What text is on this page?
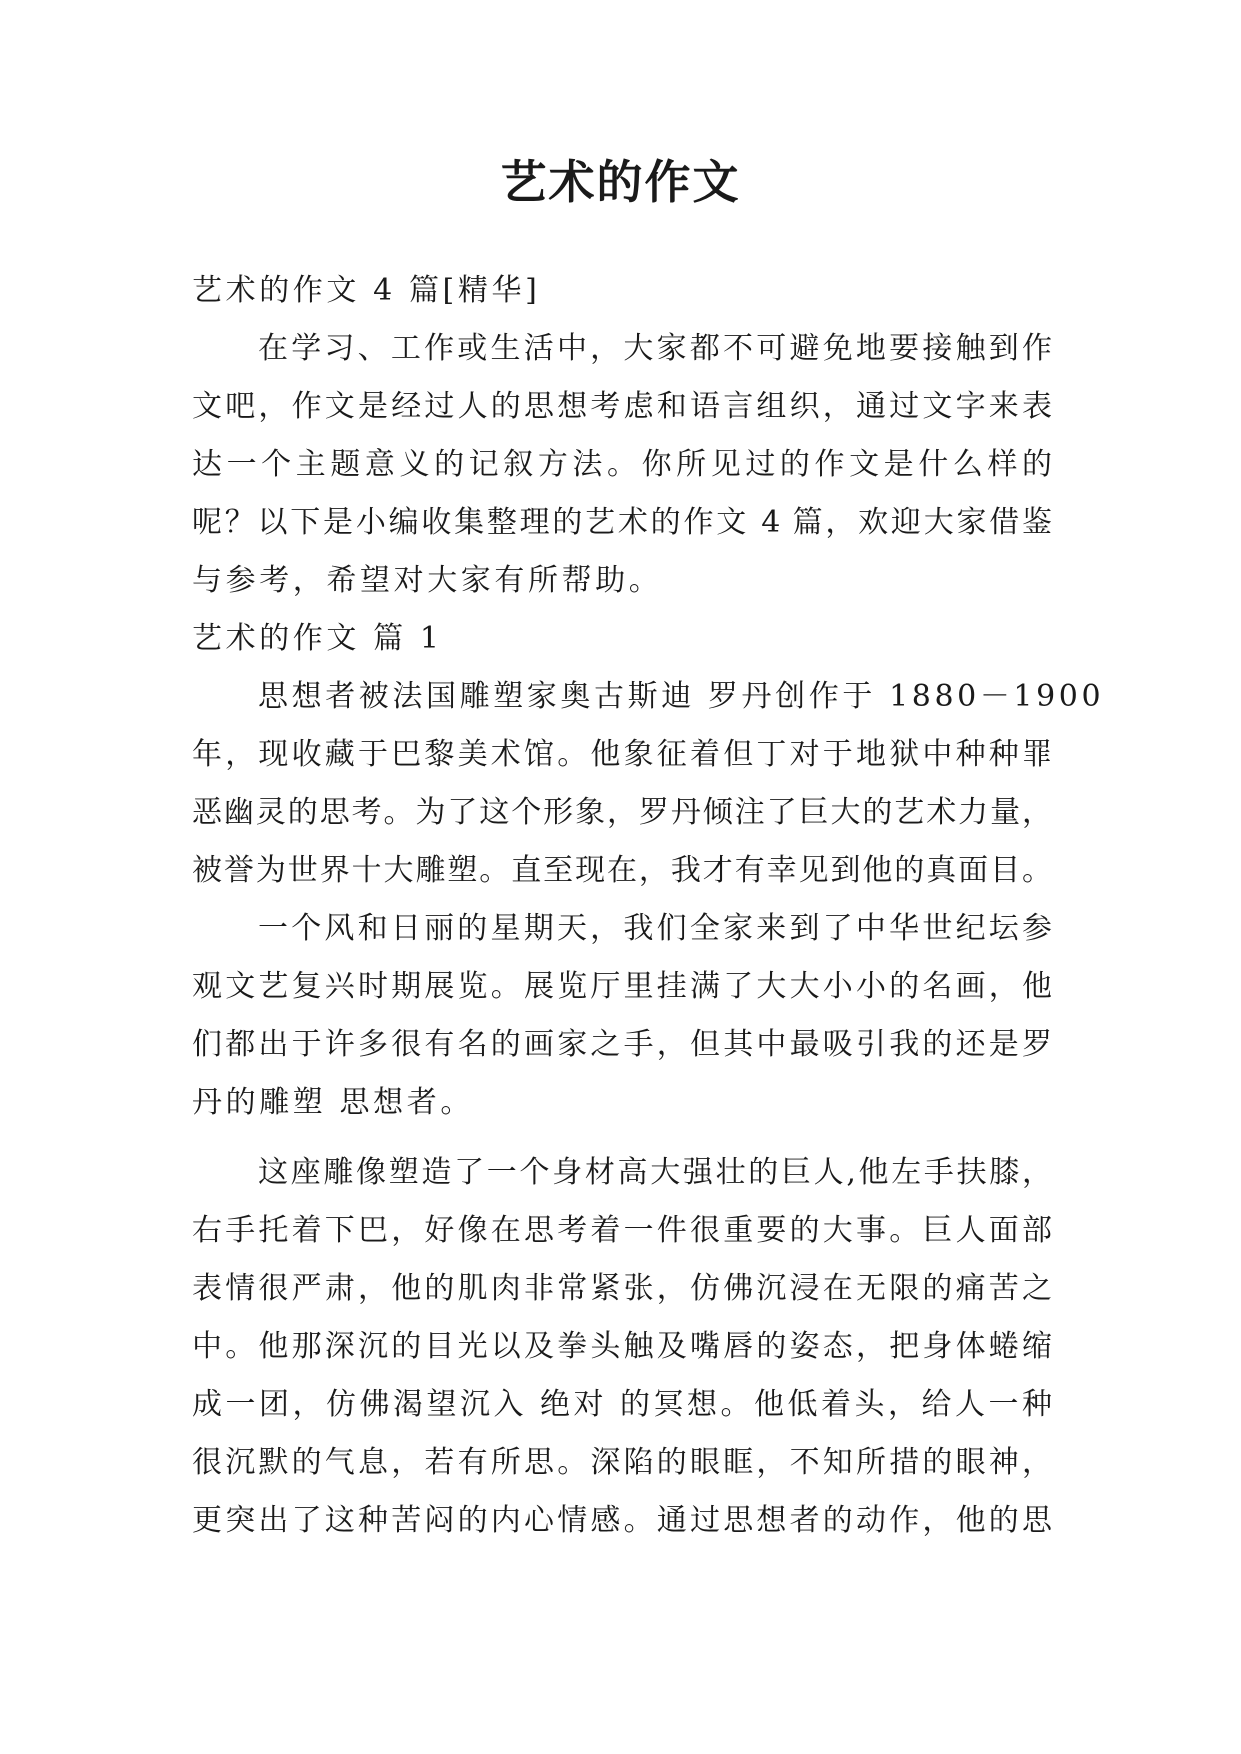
艺术的作文
艺术的作文 4 篇[精华]
在学习、工作或生活中，大家都不可避免地要接触到作
文吧，作文是经过人的思想考虑和语言组织，通过文字来表
达一个主题意义的记叙方法。你所见过的作文是什么样的
呢？以下是小编收集整理的艺术的作文 4 篇，欢迎大家借鉴
与参考，希望对大家有所帮助。
艺术的作文 篇 1
思想者被法国雕塑家奥古斯迪 罗丹创作于 1880－1900
年，现收藏于巴黎美术馆。他象征着但丁对于地狱中种种罪
恶幽灵的思考。为了这个形象，罗丹倾注了巨大的艺术力量，
被誉为世界十大雕塑。直至现在，我才有幸见到他的真面目。
一个风和日丽的星期天，我们全家来到了中华世纪坛参
观文艺复兴时期展览。展览厅里挂满了大大小小的名画，他
们都出于许多很有名的画家之手，但其中最吸引我的还是罗
丹的雕塑 思想者。
这座雕像塑造了一个身材高大强壮的巨人,他左手扶膝，
右手托着下巴，好像在思考着一件很重要的大事。巨人面部
表情很严肃，他的肌肉非常紧张，仿佛沉浸在无限的痛苦之
中。他那深沉的目光以及拳头触及嘴唇的姿态，把身体蜷缩
成一团，仿佛渴望沉入 绝对 的冥想。他低着头，给人一种
很沉默的气息，若有所思。深陷的眼眶，不知所措的眼神，
更突出了这种苦闷的内心情感。通过思想者的动作，他的思
